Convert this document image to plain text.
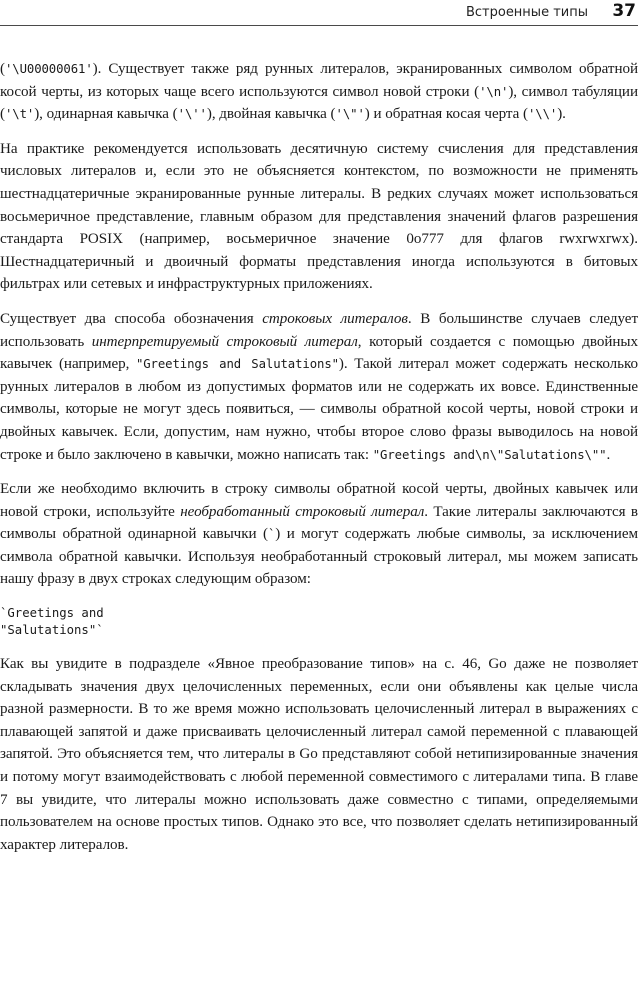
Встроенные типы 37

('\U00000061'). Существует также ряд рунных литералов, экранированных символом обратной косой черты, из которых чаще всего используются символ новой строки ('\n'), символ табуляции ('\t'), одинарная кавычка ('\''), двойная кавычка ('\"') и обратная косая черта ('\\').

На практике рекомендуется использовать десятичную систему счисления для представления числовых литералов и, если это не объясняется контекстом, по возможности не применять шестнадцатеричные экранированные рунные литералы. В редких случаях может использоваться восьмеричное представление, главным образом для представления значений флагов разрешения стандарта POSIX (например, восьмеричное значение 0o777 для флагов rwxrwxrwx). Шестнадцатеричный и двоичный форматы представления иногда используются в битовых фильтрах или сетевых и инфраструктурных приложениях.

Существует два способа обозначения строковых литералов. В большинстве случаев следует использовать интерпретируемый строковый литерал, который создается с помощью двойных кавычек (например, "Greetings and Salutations"). Такой литерал может содержать несколько рунных литералов в любом из допустимых форматов или не содержать их вовсе. Единственные символы, которые не могут здесь появиться, — символы обратной косой черты, новой строки и двойных кавычек. Если, допустим, нам нужно, чтобы второе слово фразы выводилось на новой строке и было заключено в кавычки, можно написать так: "Greetings and\n\"Salutations\"".

Если же необходимо включить в строку символы обратной косой черты, двойных кавычек или новой строки, используйте необработанный строковый литерал. Такие литералы заключаются в символы обратной одинарной кавычки (`) и могут содержать любые символы, за исключением символа обратной кавычки. Используя необработанный строковый литерал, мы можем записать нашу фразу в двух строках следующим образом:

`Greetings and
"Salutations"`

Как вы увидите в подразделе «Явное преобразование типов» на с. 46, Go даже не позволяет складывать значения двух целочисленных переменных, если они объявлены как целые числа разной размерности. В то же время можно использовать целочисленный литерал в выражениях с плавающей запятой и даже присваивать целочисленный литерал самой переменной с плавающей запятой. Это объясняется тем, что литералы в Go представляют собой нетипизированные значения и потому могут взаимодействовать с любой переменной совместимого с литералами типа. В главе 7 вы увидите, что литералы можно использовать даже совместно с типами, определяемыми пользователем на основе простых типов. Однако это все, что позволяет сделать нетипизированный характер литералов.
